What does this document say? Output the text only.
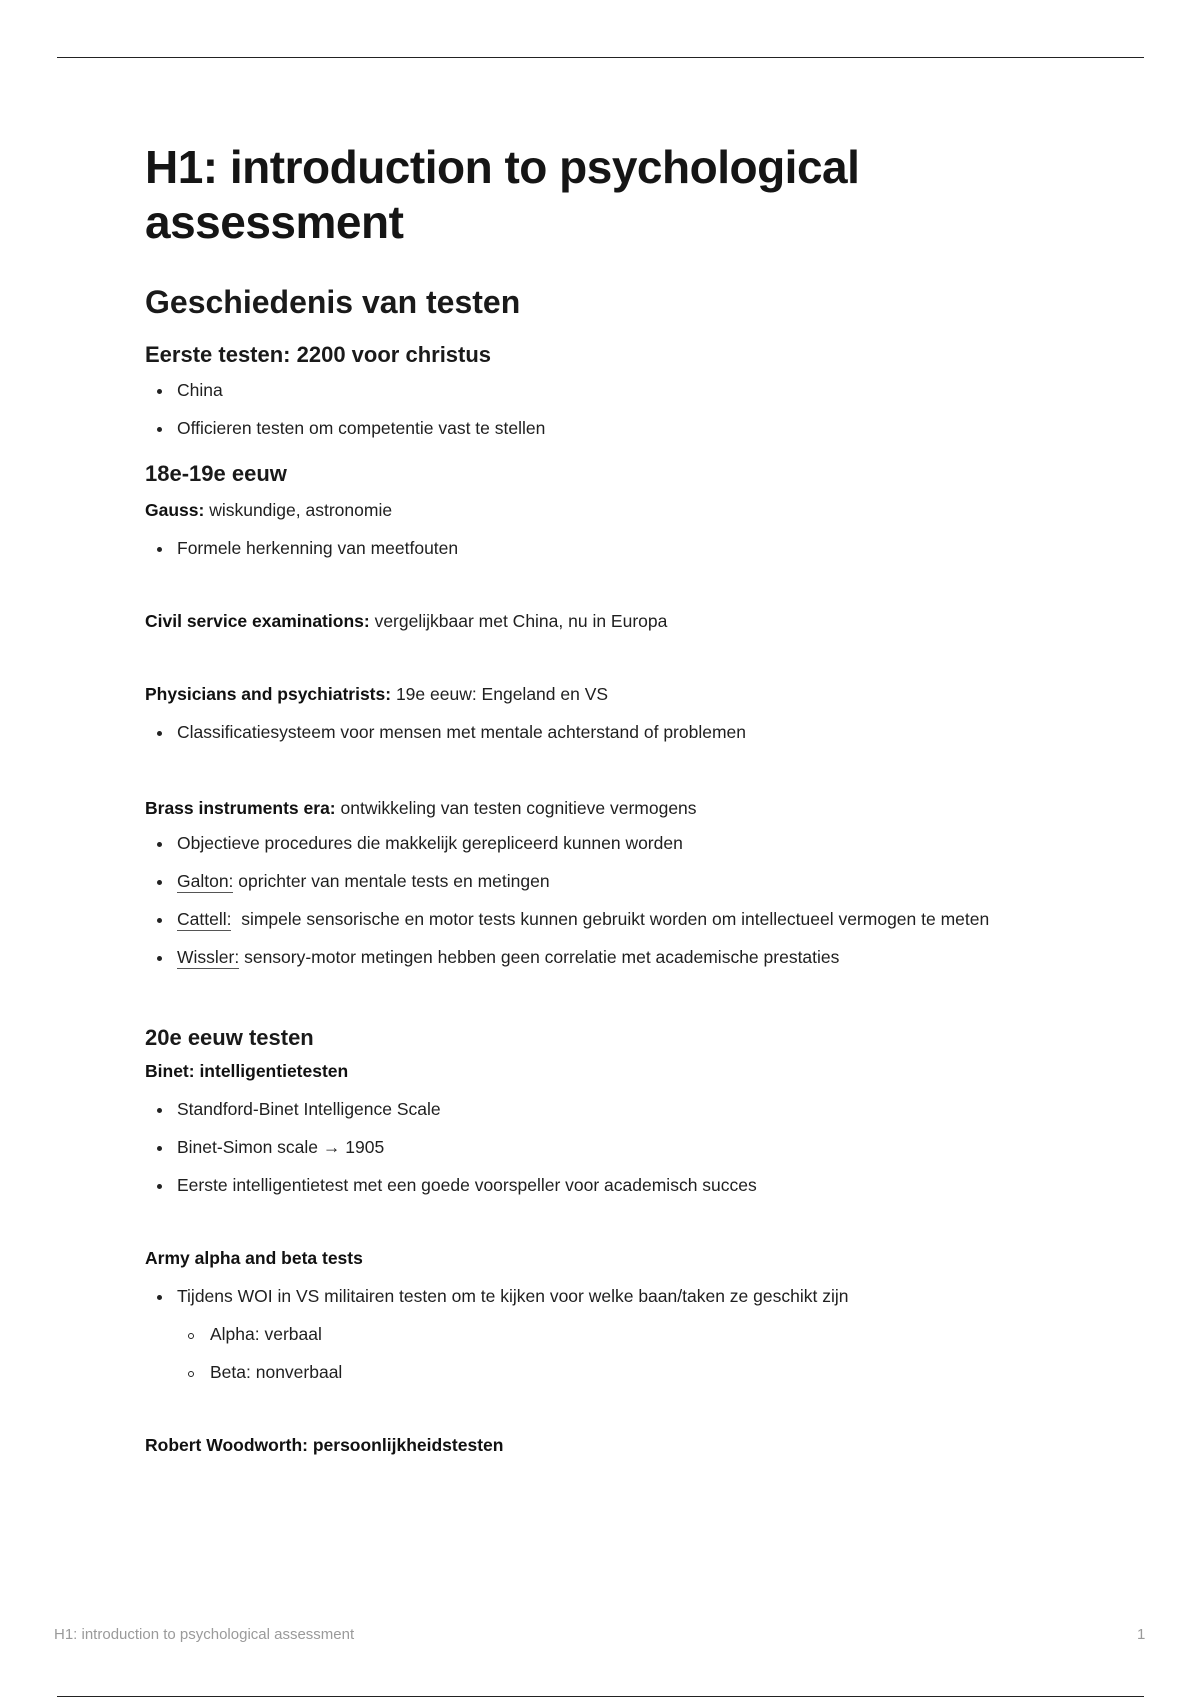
H1: introduction to psychological assessment
Geschiedenis van testen
Eerste testen: 2200 voor christus
China
Officieren testen om competentie vast te stellen
18e-19e eeuw

Gauss: wiskundige, astronomie

Formele herkenning van meetfouten

Civil service examinations: vergelijkbaar met China, nu in Europa

Physicians and psychiatrists: 19e eeuw: Engeland en VS

Classificatiesysteem voor mensen met mentale achterstand of problemen

Brass instruments era: ontwikkeling van testen cognitieve vermogens

Objectieve procedures die makkelijk gerepliceerd kunnen worden
Galton: oprichter van mentale tests en metingen
Cattell:  simpele sensorische en motor tests kunnen gebruikt worden om intellectueel vermogen te meten
Wissler: sensory-motor metingen hebben geen correlatie met academische prestaties
20e eeuw testen

Binet: intelligentietesten

Standford-Binet Intelligence Scale
Binet-Simon scale → 1905
Eerste intelligentietest met een goede voorspeller voor academisch succes

Army alpha and beta tests

Tijdens WOI in VS militairen testen om te kijken voor welke baan/taken ze geschikt zijn
Alpha: verbaal
Beta: nonverbaal

Robert Woodworth: persoonlijkheidstesten

H1: introduction to psychological assessment	1
